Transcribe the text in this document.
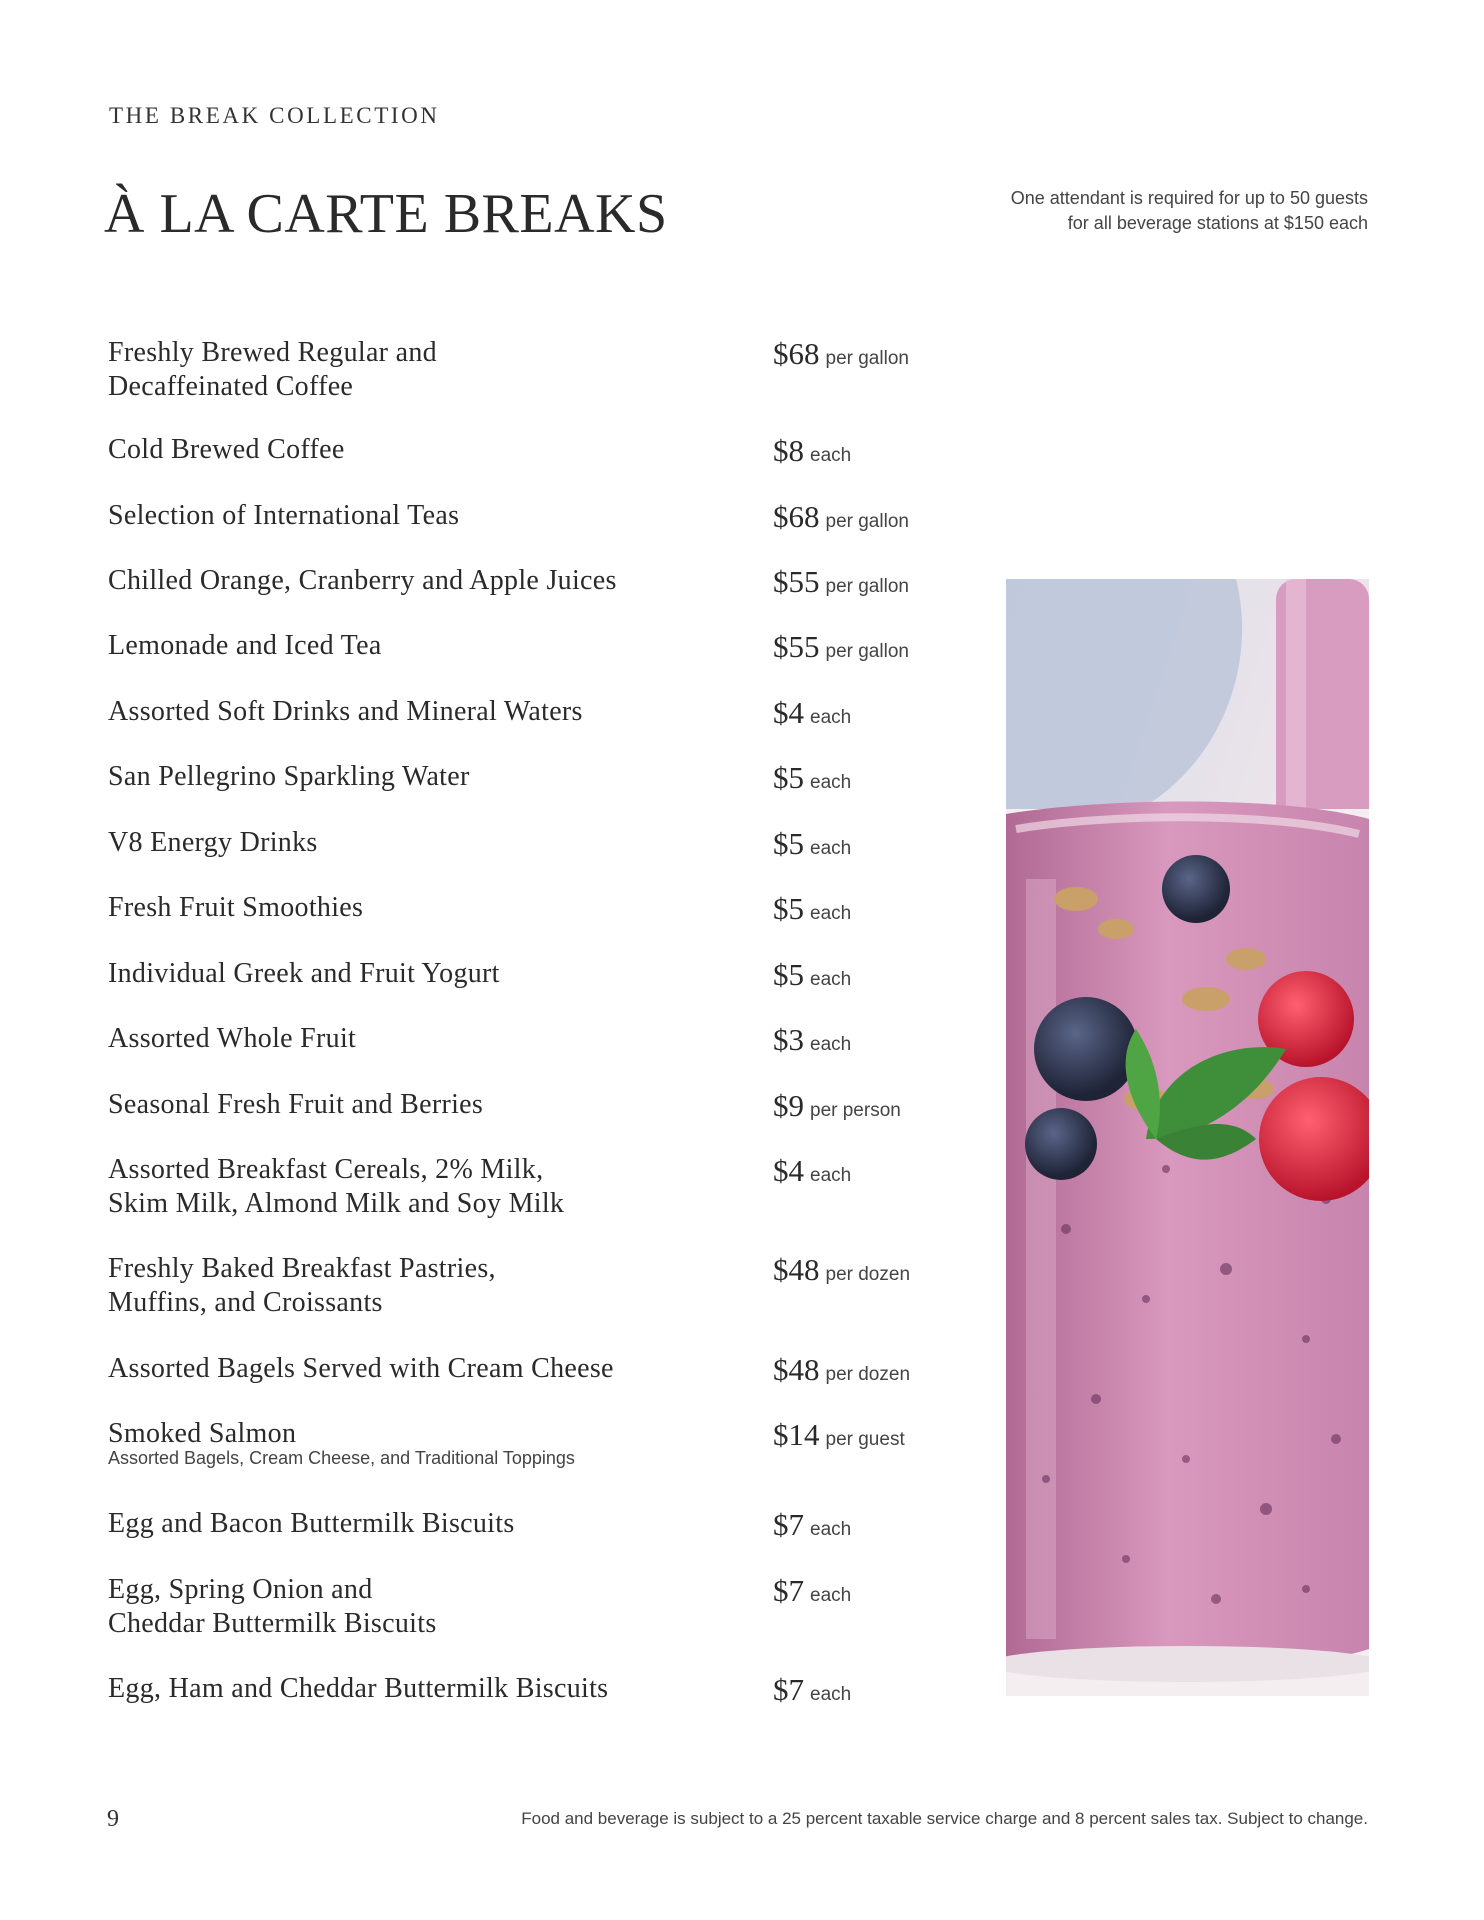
THE BREAK COLLECTION
À LA CARTE BREAKS	One attendant is required for up to 50 guests
for all beverage stations at $150 each
Freshly Brewed Regular and
Decaffeinated Coffee
$68 per gallon
Cold Brewed Coffee	$8 each
Selection of International Teas	$68 per gallon
Chilled Orange, Cranberry and Apple Juices	$55 per gallon
Lemonade and Iced Tea	$55 per gallon
Assorted Soft Drinks and Mineral Waters	$4 each
San Pellegrino Sparkling Water	$5 each
V8 Energy Drinks	$5 each
Fresh Fruit Smoothies	$5 each
Individual Greek and Fruit Yogurt	$5 each
Assorted Whole Fruit	$3 each
Seasonal Fresh Fruit and Berries	$9 per person
Assorted Breakfast Cereals, 2% Milk,
Skim Milk, Almond Milk and Soy Milk
$4 each
Freshly Baked Breakfast Pastries,
Muffins, and Croissants
$48 per dozen
Assorted Bagels Served with Cream Cheese	$48 per dozen
Smoked Salmon
Assorted Bagels, Cream Cheese, and Traditional Toppings
$14 per guest
Egg and Bacon Buttermilk Biscuits	$7 each
Egg, Spring Onion and
Cheddar Buttermilk Biscuits
$7 each
Egg, Ham and Cheddar Buttermilk Biscuits	$7 each
9	Food and beverage is subject to a 25 percent taxable service charge and 8 percent sales tax. Subject to change.
